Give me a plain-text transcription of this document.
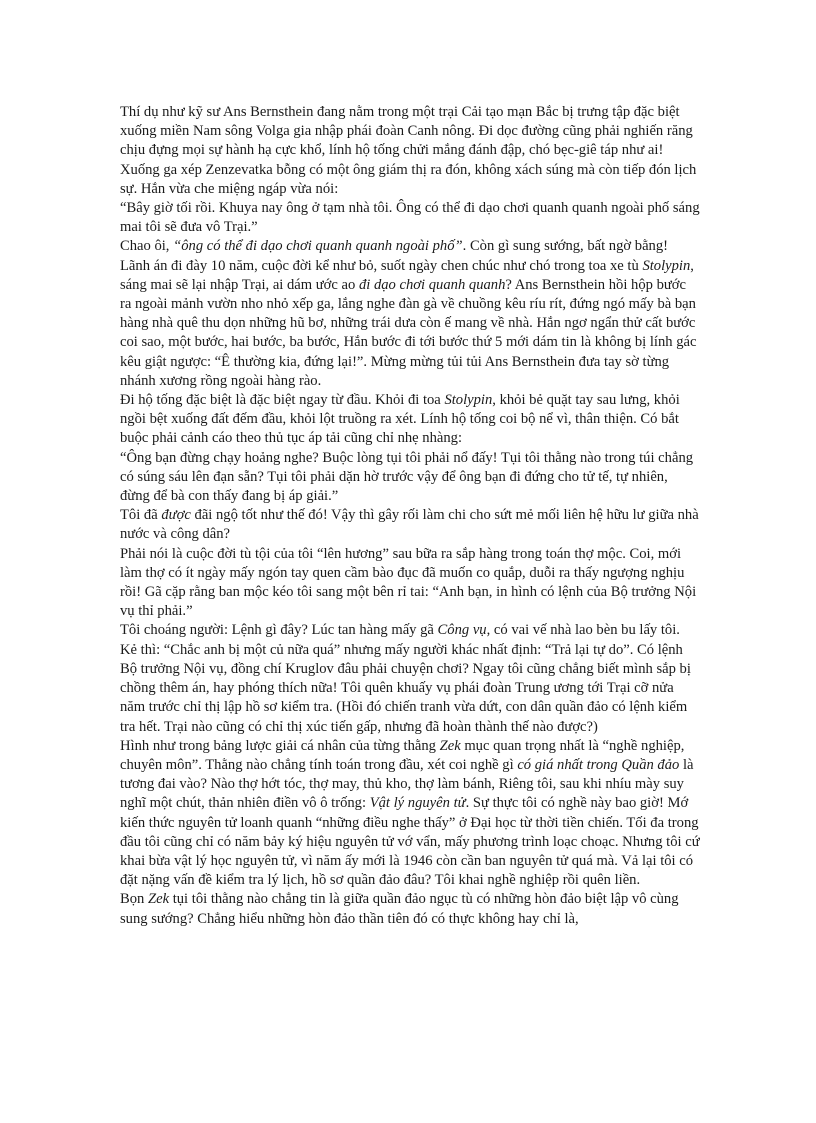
Thí dụ như kỹ sư Ans Bernsthein đang nằm trong một trại Cải tạo mạn Bắc bị trưng tập đặc biệt xuống miền Nam sông Volga gia nhập phái đoàn Canh nông. Đi dọc đường cũng phải nghiến răng chịu đựng mọi sự hành hạ cực khổ, lính hộ tống chửi mắng đánh đập, chó bẹc-giê táp như ai! Xuống ga xép Zenzevatka bỗng có một ông giám thị ra đón, không xách súng mà còn tiếp đón lịch sự. Hắn vừa che miệng ngáp vừa nói:

“Bây giờ tối rồi. Khuya nay ông ở tạm nhà tôi. Ông có thể đi dạo chơi quanh quanh ngoài phố sáng mai tôi sẽ đưa vô Trại.”

Chao ôi, “ông có thể đi dạo chơi quanh quanh ngoài phố”. Còn gì sung sướng, bất ngờ bằng! Lãnh án đi đày 10 năm, cuộc đời kể như bỏ, suốt ngày chen chúc như chó trong toa xe tù Stolypin, sáng mai sẽ lại nhập Trại, ai dám ước ao đi dạo chơi quanh quanh? Ans Bernsthein hồi hộp bước ra ngoài mảnh vườn nho nhỏ xếp ga, lắng nghe đàn gà về chuồng kêu ríu rít, đứng ngó mấy bà bạn hàng nhà quê thu dọn những hũ bơ, những trái dưa còn ế mang về nhà. Hắn ngơ ngẩn thử cất bước coi sao, một bước, hai bước, ba bước, Hắn bước đi tới bước thứ 5 mới dám tin là không bị lính gác kêu giật ngược: “Ê thường kia, đứng lại!”. Mừng mừng tủi tủi Ans Bernsthein đưa tay sờ từng nhánh xương rồng ngoài hàng rào.

Đi hộ tống đặc biệt là đặc biệt ngay từ đầu. Khỏi đi toa Stolypin, khỏi bẻ quặt tay sau lưng, khỏi ngồi bệt xuống đất đếm đầu, khỏi lột truồng ra xét. Lính hộ tống coi bộ nể vì, thân thiện. Có bắt buộc phải cảnh cáo theo thủ tục áp tải cũng chỉ nhẹ nhàng:

“Ông bạn đừng chạy hoảng nghe? Buộc lòng tụi tôi phải nổ đấy! Tụi tôi thằng nào trong túi chẳng có súng sáu lên đạn sẵn? Tụi tôi phải dặn hờ trước vậy để ông bạn đi đứng cho tử tế, tự nhiên, đừng để bà con thấy đang bị áp giải.”

Tôi đã được đãi ngộ tốt như thế đó! Vậy thì gây rối làm chi cho sứt mẻ mối liên hệ hữu lư giữa nhà nước và công dân?

Phải nói là cuộc đời tù tội của tôi “lên hương” sau bữa ra sắp hàng trong toán thợ mộc. Coi, mới làm thợ có ít ngày mấy ngón tay quen cầm bào đục đã muốn co quắp, duỗi ra thấy ngượng nghịu rồi! Gã cặp rằng ban mộc kéo tôi sang một bên rỉ tai: “Anh bạn, in hình có lệnh của Bộ trưởng Nội vụ thỉ phải.”

Tôi choáng người: Lệnh gì đây? Lúc tan hàng mấy gã Công vụ, có vai vế nhà lao bèn bu lấy tôi. Kẻ thì: “Chắc anh bị một củ nữa quá” nhưng mấy người khác nhất định: “Trả lại tự do”. Có lệnh Bộ trưởng Nội vụ, đồng chí Kruglov đâu phải chuyện chơi? Ngay tôi cũng chẳng biết mình sắp bị chồng thêm án, hay phóng thích nữa! Tôi quên khuấy vụ phái đoàn Trung ương tới Trại cỡ nửa năm trước chỉ thị lập hồ sơ kiểm tra. (Hồi đó chiến tranh vừa dứt, con dân quần đảo có lệnh kiểm tra hết. Trại nào cũng có chỉ thị xúc tiến gấp, nhưng đã hoàn thành thế nào được?)

Hình như trong bảng lược giải cá nhân của từng thằng Zek mục quan trọng nhất là “nghề nghiệp, chuyên môn”. Thằng nào chẳng tính toán trong đầu, xét coi nghề gì có giá nhất trong Quần đảo là tương đai vào? Nào thợ hớt tóc, thợ may, thủ kho, thợ làm bánh, Riêng tôi, sau khi nhíu mày suy nghĩ một chút, thản nhiên điền vô ô trống: Vật lý nguyên tử. Sự thực tôi có nghề này bao giờ! Mớ kiến thức nguyên tử loanh quanh “những điều nghe thấy” ở Đại học từ thời tiền chiến. Tối đa trong đầu tôi cũng chỉ có năm bảy ký hiệu nguyên tử vớ vẩn, mấy phương trình loạc choạc. Nhưng tôi cứ khai bừa vật lý học nguyên tử, vì năm ấy mới là 1946 còn cần ban nguyên tử quá mà. Vả lại tôi có đặt nặng vấn đề kiểm tra lý lịch, hồ sơ quần đảo đâu? Tôi khai nghề nghiệp rồi quên liền.

Bọn Zek tụi tôi thằng nào chẳng tin là giữa quần đảo ngục tù có những hòn đảo biệt lập vô cùng sung sướng? Chẳng hiểu những hòn đảo thần tiên đó có thực không hay chỉ là,
